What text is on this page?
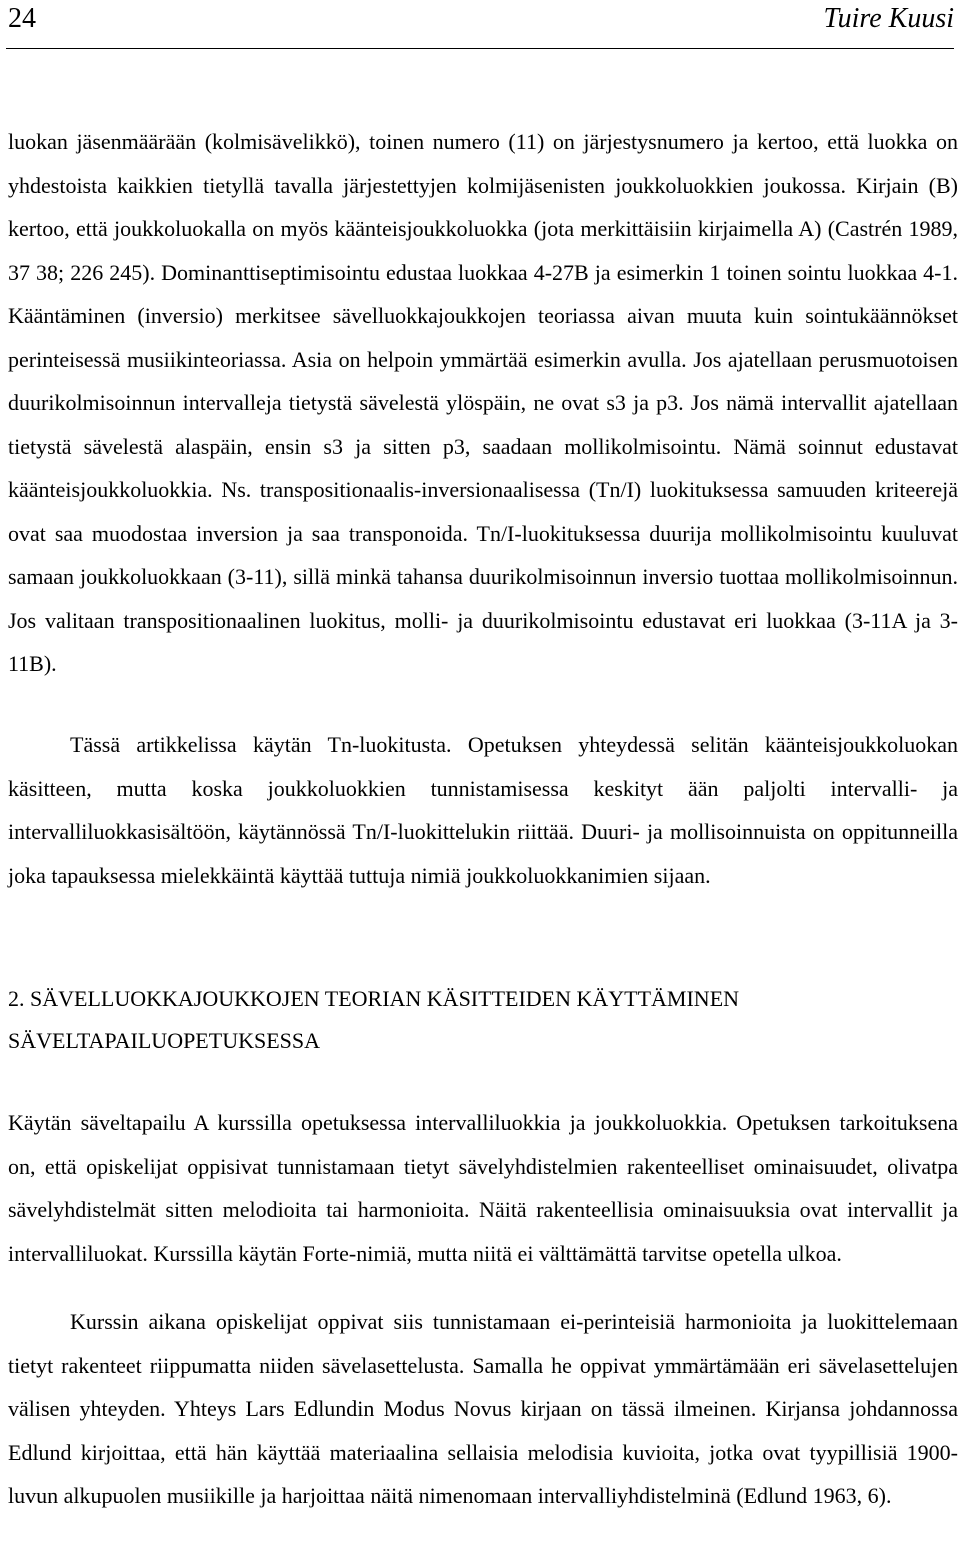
24	Tuire Kuusi

luokan jäsenmäärään (kolmisävelikkö), toinen numero (11) on järjestysnumero ja kertoo, että luokka on yhdestoista kaikkien tietyllä tavalla järjestettyjen kolmijäsenisten joukkoluokkien joukossa. Kirjain (B) kertoo, että joukkoluokalla on myös käänteisjoukkoluokka (jota merkittäisiin kirjaimella A) (Castrén 1989, 37 38; 226 245). Dominanttiseptimisointu edustaa luokkaa 4-27B ja esimerkin 1 toinen sointu luokkaa 4-1. Kääntäminen (inversio) merkitsee sävelluokkajoukkojen teoriassa aivan muuta kuin sointukäännökset perinteisessä musiikinteoriassa. Asia on helpoin ymmärtää esimerkin avulla. Jos ajatellaan perusmuotoisen duurikolmisoinnun intervalleja tietystä sävelestä ylöspäin, ne ovat s3 ja p3. Jos nämä intervallit ajatellaan tietystä sävelestä alaspäin, ensin s3 ja sitten p3, saadaan mollikolmisointu. Nämä soinnut edustavat käänteisjoukkoluokkia. Ns. transpositionaalis-inversionaalisessa (Tn/I) luokituksessa samuuden kriteerejä ovat saa muodostaa inversion ja saa transponoida. Tn/I-luokituksessa duurija mollikolmisointu kuuluvat samaan joukkoluokkaan (3-11), sillä minkä tahansa duurikolmisoinnun inversio tuottaa mollikolmisoinnun. Jos valitaan transpositionaalinen luokitus, molli- ja duurikolmisointu edustavat eri luokkaa (3-11A ja 3-11B).

Tässä artikkelissa käytän Tn-luokitusta. Opetuksen yhteydessä selitän käänteisjoukkoluokan käsitteen, mutta koska joukkoluokkien tunnistamisessa keskityt ään paljolti intervalli- ja intervalliluokkasisältöön, käytännössä Tn/I-luokittelukin riittää. Duuri- ja mollisoinnuista on oppitunneilla joka tapauksessa mielekkäintä käyttää tuttuja nimiä joukkoluokkanimien sijaan.

2. SÄVELLUOKKAJOUKKOJEN TEORIAN KÄSITTEIDEN KÄYTTÄMINEN
SÄVELTAPAILUOPETUKSESSA

Käytän säveltapailu A kurssilla opetuksessa intervalliluokkia ja joukkoluokkia. Opetuksen tarkoituksena on, että opiskelijat oppisivat tunnistamaan tietyt sävelyhdistelmien rakenteelliset ominaisuudet, olivatpa sävelyhdistelmät sitten melodioita tai harmonioita. Näitä rakenteellisia ominaisuuksia ovat intervallit ja intervalliluokat. Kurssilla käytän Forte-nimiä, mutta niitä ei välttämättä tarvitse opetella ulkoa.

Kurssin aikana opiskelijat oppivat siis tunnistamaan ei-perinteisiä harmonioita ja luokittelemaan tietyt rakenteet riippumatta niiden sävelasettelusta. Samalla he oppivat ymmärtämään eri sävelasettelujen välisen yhteyden. Yhteys Lars Edlundin Modus Novus kirjaan on tässä ilmeinen. Kirjansa johdannossa Edlund kirjoittaa, että hän käyttää materiaalina sellaisia melodisia kuvioita, jotka ovat tyypillisiä 1900-luvun alkupuolen musiikille ja harjoittaa näitä nimenomaan intervalliyhdistelminä (Edlund 1963, 6).
